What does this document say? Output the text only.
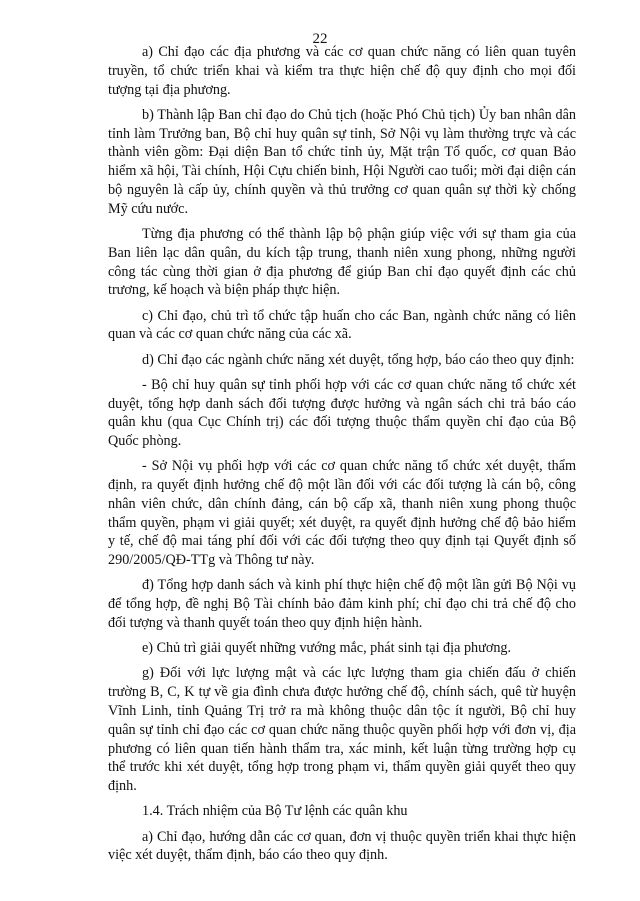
22

a) Chỉ đạo các địa phương và các cơ quan chức năng có liên quan tuyên truyền, tổ chức triển khai và kiểm tra thực hiện chế độ quy định cho mọi đối tượng tại địa phương.

b) Thành lập Ban chỉ đạo do Chủ tịch (hoặc Phó Chủ tịch) Ủy ban nhân dân tỉnh làm Trưởng ban, Bộ chỉ huy quân sự tỉnh, Sở Nội vụ làm thường trực và các thành viên gồm: Đại diện Ban tổ chức tỉnh ủy, Mặt trận Tổ quốc, cơ quan Bảo hiểm xã hội, Tài chính, Hội Cựu chiến binh, Hội Người cao tuổi; mời đại diện cán bộ nguyên là cấp ủy, chính quyền và thủ trưởng cơ quan quân sự thời kỳ chống Mỹ cứu nước.

Từng địa phương có thể thành lập bộ phận giúp việc với sự tham gia của Ban liên lạc dân quân, du kích tập trung, thanh niên xung phong, những người công tác cùng thời gian ở địa phương để giúp Ban chỉ đạo quyết định các chủ trương, kế hoạch và biện pháp thực hiện.

c) Chỉ đạo, chủ trì tổ chức tập huấn cho các Ban, ngành chức năng có liên quan và các cơ quan chức năng của các xã.

d) Chỉ đạo các ngành chức năng xét duyệt, tổng hợp, báo cáo theo quy định:

- Bộ chỉ huy quân sự tỉnh phối hợp với các cơ quan chức năng tổ chức xét duyệt, tổng hợp danh sách đối tượng được hưởng và ngân sách chi trả báo cáo quân khu (qua Cục Chính trị) các đối tượng thuộc thẩm quyền chỉ đạo của Bộ Quốc phòng.

- Sở Nội vụ phối hợp với các cơ quan chức năng tổ chức xét duyệt, thẩm định, ra quyết định hưởng chế độ một lần đối với các đối tượng là cán bộ, công nhân viên chức, dân chính đảng, cán bộ cấp xã, thanh niên xung phong thuộc thẩm quyền, phạm vi giải quyết; xét duyệt, ra quyết định hưởng chế độ bảo hiểm y tế, chế độ mai táng phí đối với các đối tượng theo quy định tại Quyết định số 290/2005/QĐ-TTg và Thông tư này.

đ) Tổng hợp danh sách và kinh phí thực hiện chế độ một lần gửi Bộ Nội vụ để tổng hợp, đề nghị Bộ Tài chính bảo đảm kinh phí; chỉ đạo chi trả chế độ cho đối tượng và thanh quyết toán theo quy định hiện hành.

e) Chủ trì giải quyết những vướng mắc, phát sinh tại địa phương.

g) Đối với lực lượng mật và các lực lượng tham gia chiến đấu ở chiến trường B, C, K tự về gia đình chưa được hưởng chế độ, chính sách, quê từ huyện Vĩnh Linh, tỉnh Quảng Trị trở ra mà không thuộc dân tộc ít người, Bộ chỉ huy quân sự tỉnh chỉ đạo các cơ quan chức năng thuộc quyền phối hợp với đơn vị, địa phương có liên quan tiến hành thẩm tra, xác minh, kết luận từng trường hợp cụ thể trước khi xét duyệt, tổng hợp trong phạm vi, thẩm quyền giải quyết theo quy định.

1.4. Trách nhiệm của Bộ Tư lệnh các quân khu

a) Chỉ đạo, hướng dẫn các cơ quan, đơn vị thuộc quyền triển khai thực hiện việc xét duyệt, thẩm định, báo cáo theo quy định.
